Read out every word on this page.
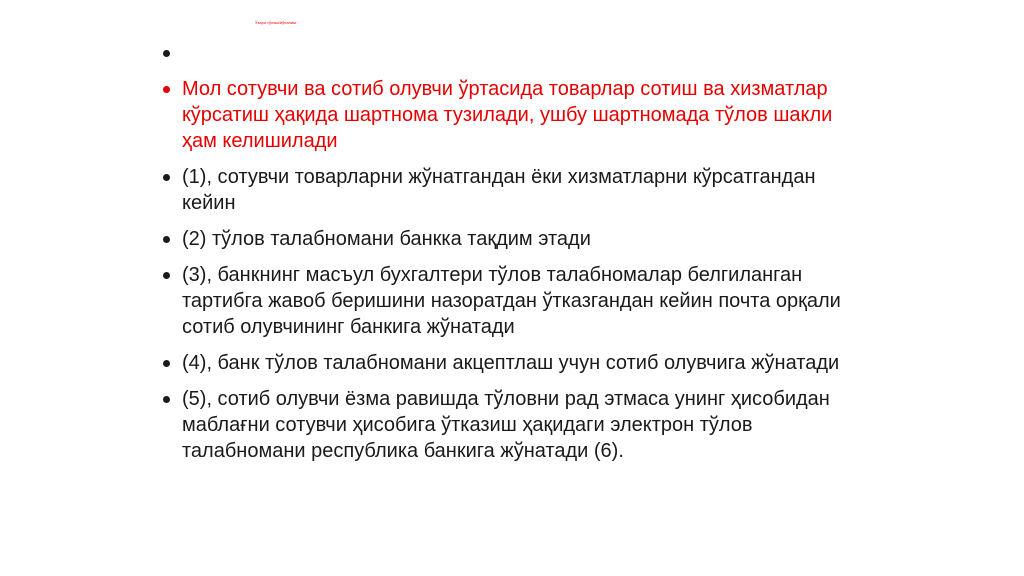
Ўзаро тўлаш/йўналиш
Мол сотувчи ва сотиб олувчи ўртасида товарлар сотиш ва хизматлар кўрсатиш ҳақида шартнома тузилади, ушбу шартномада тўлов шакли ҳам келишилади
(1), сотувчи товарларни жўнатгандан ёки хизматларни кўрсатгандан кейин
(2) тўлов талабномани банкка тақдим этади
(3), банкнинг масъул бухгалтери тўлов талабномалар белгиланган тартибга жавоб беришини назоратдан ўтказгандан кейин почта орқали сотиб олувчининг банкига жўнатади
(4), банк тўлов талабномани акцептлаш учун сотиб олувчига жўнатади
(5), сотиб олувчи ёзма равишда тўловни рад этмаса унинг ҳисобидан маблағни сотувчи ҳисобига ўтказиш ҳақидаги электрон тўлов талабномани республика банкига жўнатади (6).
